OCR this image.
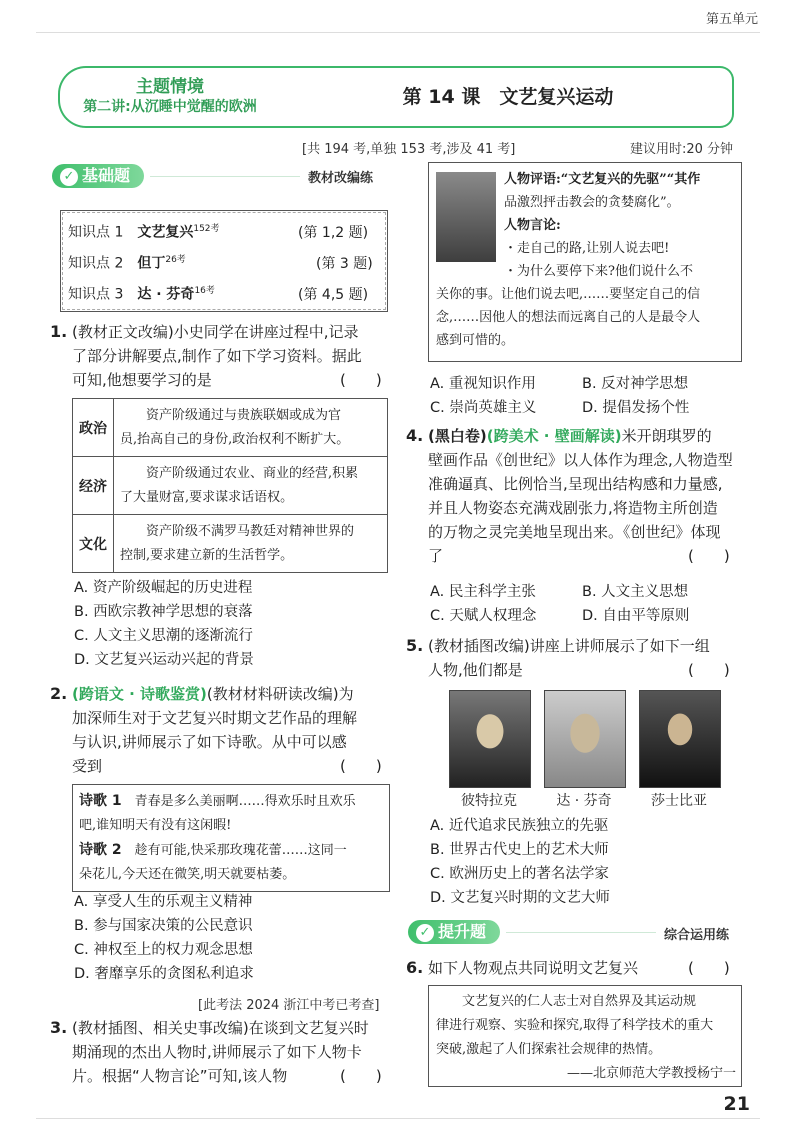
第五单元
主题情境
第二讲:从沉睡中觉醒的欧洲	第 14 课　文艺复兴运动
[共 194 考,单独 153 考,涉及 41 考]	建议用时:20 分钟
✓ 基础题	教材改编练
知识点 1　 文艺复兴$^{152考}$	(第 1,2 题)
知识点 2　 但丁$^{26考}$	(第 3 题)
知识点 3　 达 · 芬奇$^{16考}$	(第 4,5 题)
1. (教材正文改编)小史同学在讲座过程中,记录
了部分讲解要点,制作了如下学习资料。据此
可知,他想要学习的是	(　　)
政治	　　资产阶级通过与贵族联姻或成为官
员,抬高自己的身份,政治权利不断扩大。

经济	　　资产阶级通过农业、商业的经营,积累
了大量财富,要求谋求话语权。

文化	　　资产阶级不满罗马教廷对精神世界的
控制,要求建立新的生活哲学。
A. 资产阶级崛起的历史进程
B. 西欧宗教神学思想的衰落
C. 人文主义思潮的逐渐流行
D. 文艺复兴运动兴起的背景
2. (跨语文 · 诗歌鉴赏)(教材材料研读改编)为
加深师生对于文艺复兴时期文艺作品的理解
与认识,讲师展示了如下诗歌。从中可以感
受到	(　　)
诗歌 1　青春是多么美丽啊……得欢乐时且欢乐
吧,谁知明天有没有这闲暇!
诗歌 2　趁有可能,快采那玫瑰花蕾……这同一
朵花儿,今天还在微笑,明天就要枯萎。
A. 享受人生的乐观主义精神
B. 参与国家决策的公民意识
C. 神权至上的权力观念思想
D. 奢靡享乐的贪图私利追求
[此考法 2024 浙江中考已考查]
3. (教材插图、相关史事改编)在谈到文艺复兴时
期涌现的杰出人物时,讲师展示了如下人物卡
片。根据“人物言论”可知,该人物	(　　)
人物评语:“文艺复兴的先驱”“其作
品激烈抨击教会的贪婪腐化”。
人物言论:
・走自己的路,让别人说去吧!
・为什么要停下来?他们说什么不
关你的事。让他们说去吧,……要坚定自己的信
念,……因他人的想法而远离自己的人是最令人
感到可惜的。
A. 重视知识作用	B. 反对神学思想
C. 崇尚英雄主义	D. 提倡发扬个性
4. (黑白卷)(跨美术 · 壁画解读)米开朗琪罗的
壁画作品《创世纪》以人体作为理念,人物造型
准确逼真、比例恰当,呈现出结构感和力量感,
并且人物姿态充满戏剧张力,将造物主所创造
的万物之灵完美地呈现出来。《创世纪》体现
了	(　　)
A. 民主科学主张	B. 人文主义思想
C. 天赋人权理念	D. 自由平等原则
5. (教材插图改编)讲座上讲师展示了如下一组
人物,他们都是	(　　)
彼特拉克	达 · 芬奇	莎士比亚
A. 近代追求民族独立的先驱
B. 世界古代史上的艺术大师
C. 欧洲历史上的著名法学家
D. 文艺复兴时期的文艺大师
✓ 提升题	综合运用练
6. 如下人物观点共同说明文艺复兴	(　　)
　　文艺复兴的仁人志士对自然界及其运动规
律进行观察、实验和探究,取得了科学技术的重大
突破,激起了人们探索社会规律的热情。
——北京师范大学教授杨宁一
21
